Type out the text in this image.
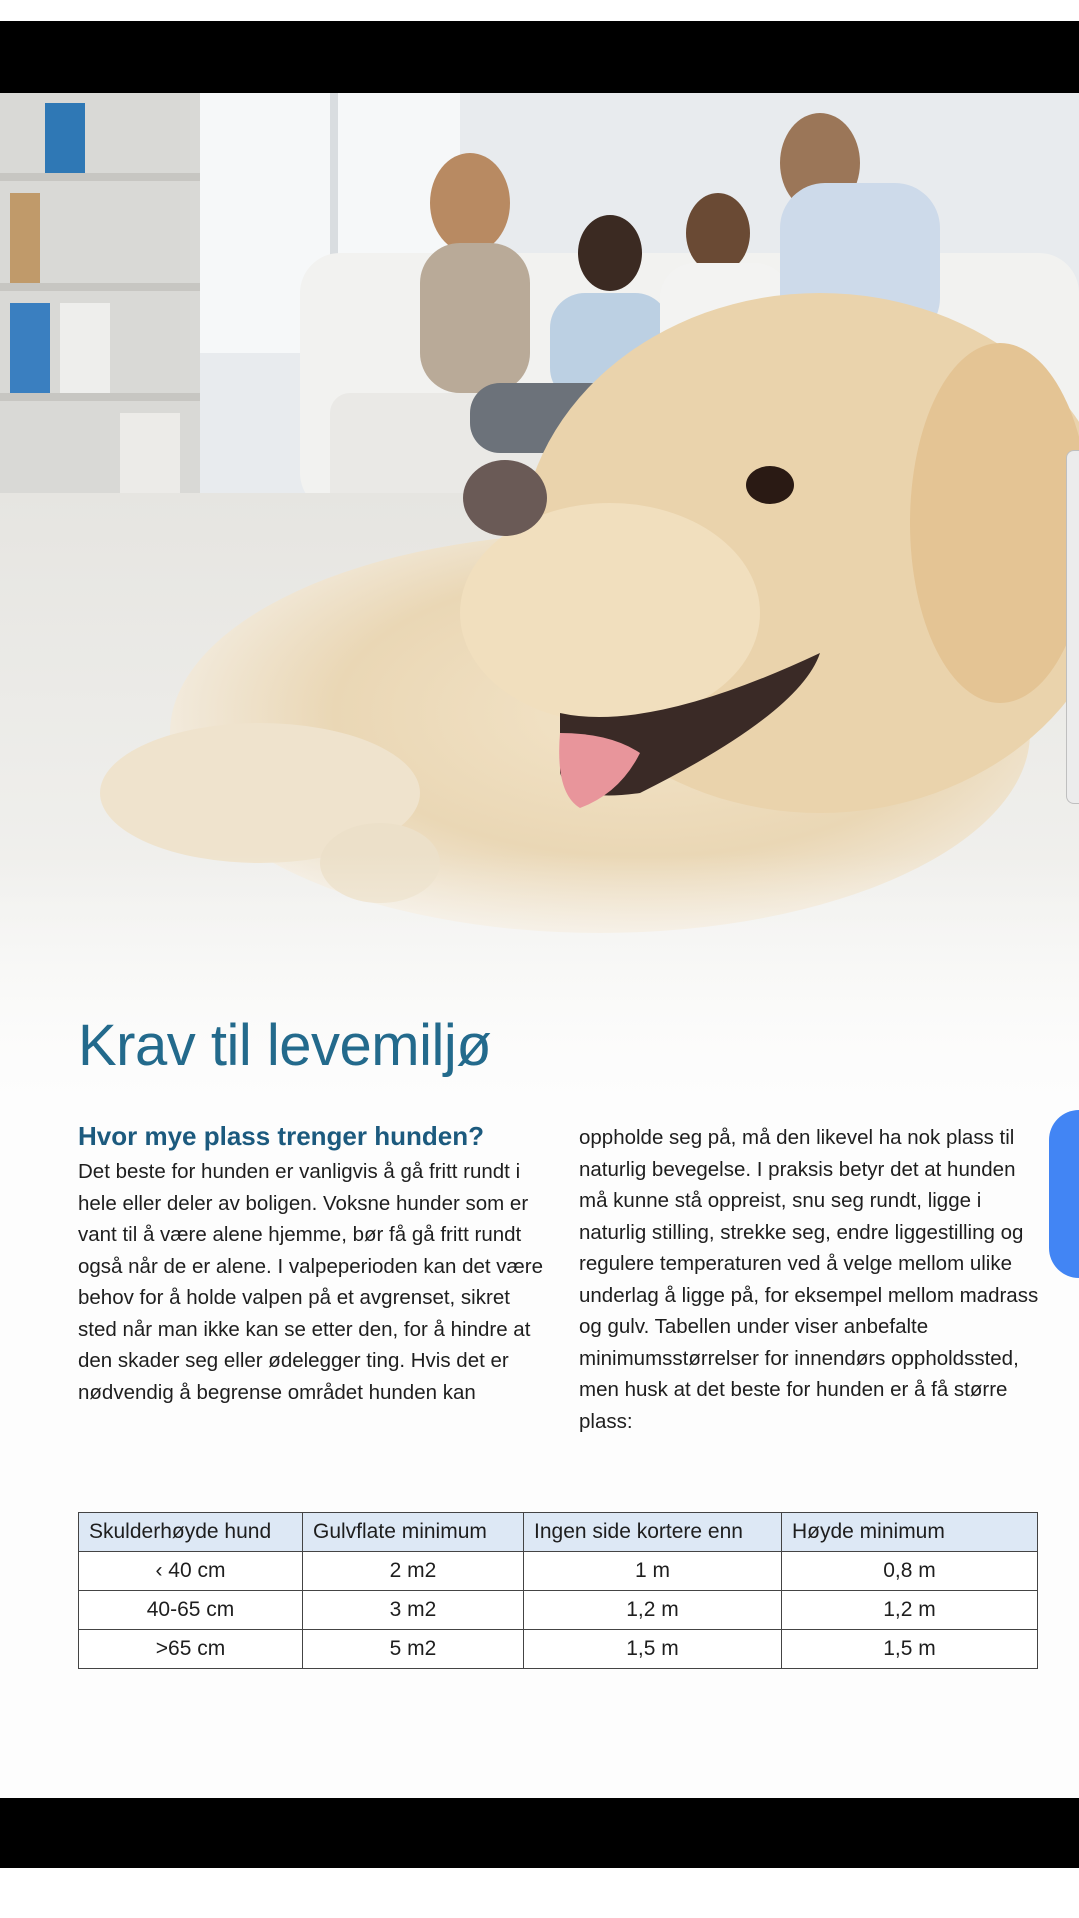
Krav til levemiljø
Hvor mye plass trenger hunden?

Det beste for hunden er vanligvis å gå fritt rundt i hele eller deler av boligen. Voksne hunder som er vant til å være alene hjemme, bør få gå fritt rundt også når de er alene. I valpeperioden kan det være behov for å holde valpen på et avgrenset, sikret sted når man ikke kan se etter den, for å hindre at den skader seg eller ødelegger ting. Hvis det er nødvendig å begrense området hunden kan

oppholde seg på, må den likevel ha nok plass til naturlig bevegelse. I praksis betyr det at hunden må kunne stå oppreist, snu seg rundt, ligge i naturlig stilling, strekke seg, endre liggestilling og regulere temperaturen ved å velge mellom ulike underlag å ligge på, for eksempel mellom madrass og gulv. Tabellen under viser anbefalte minimumsstørrelser for innendørs oppholdssted, men husk at det beste for hunden er å få større plass:

Skulderhøyde hund	Gulvflate minimum	Ingen side kortere enn	Høyde minimum
‹ 40 cm	2 m2	1 m	0,8 m
40-65 cm	3 m2	1,2 m	1,2 m
>65 cm	5 m2	1,5 m	1,5 m
